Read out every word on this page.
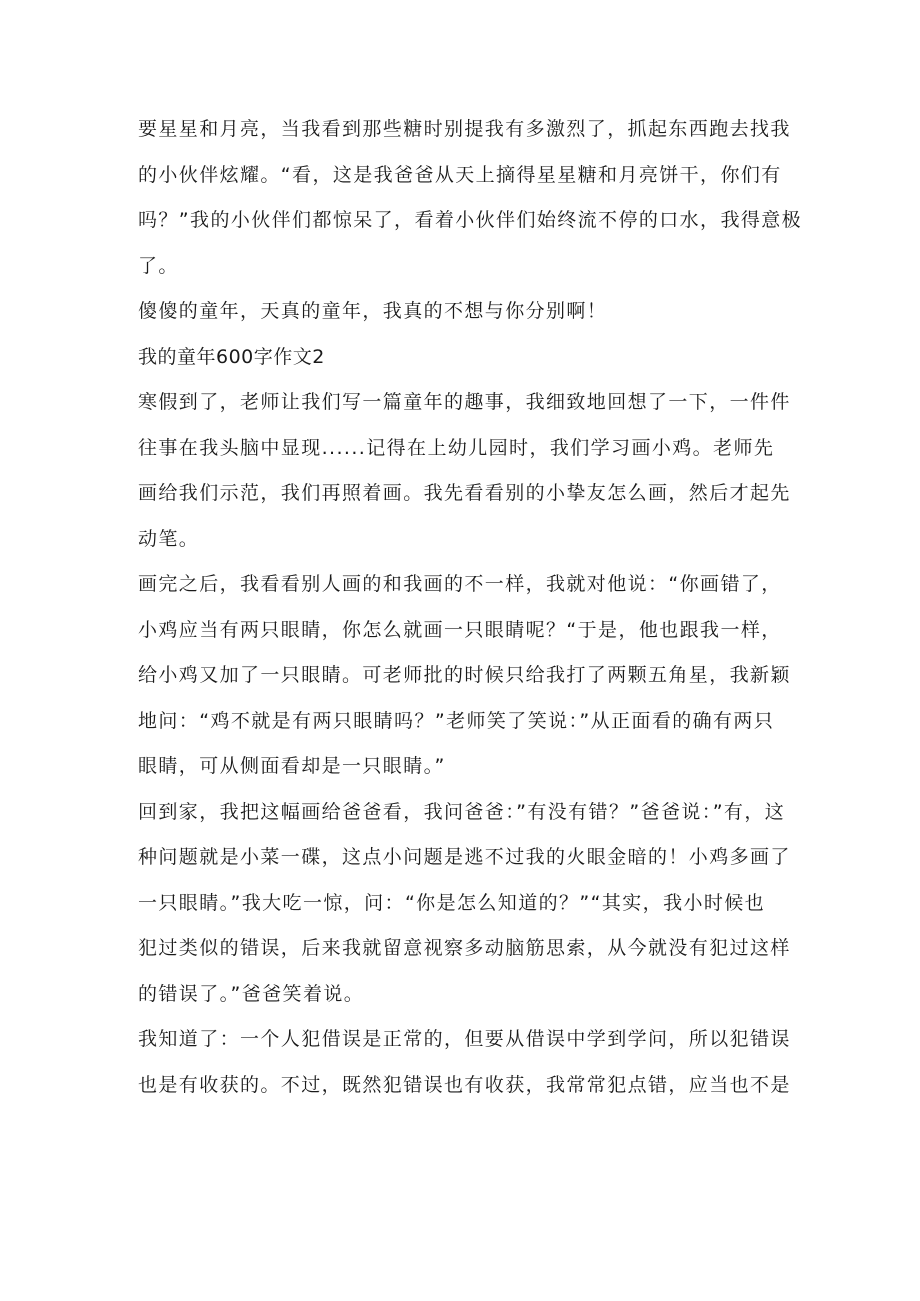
要星星和月亮，当我看到那些糖时别提我有多激烈了，抓起东西跑去找我
的小伙伴炫耀。“看，这是我爸爸从天上摘得星星糖和月亮饼干，你们有
吗？”我的小伙伴们都惊呆了，看着小伙伴们始终流不停的口水，我得意极
了。
傻傻的童年，天真的童年，我真的不想与你分别啊！
我的童年600字作文2
寒假到了，老师让我们写一篇童年的趣事，我细致地回想了一下，一件件
往事在我头脑中显现......记得在上幼儿园时，我们学习画小鸡。老师先
画给我们示范，我们再照着画。我先看看别的小挚友怎么画，然后才起先
动笔。
画完之后，我看看别人画的和我画的不一样，我就对他说：“你画错了，
小鸡应当有两只眼睛，你怎么就画一只眼睛呢？“于是，他也跟我一样，
给小鸡又加了一只眼睛。可老师批的时候只给我打了两颗五角星，我新颖
地问：“鸡不就是有两只眼睛吗？”老师笑了笑说：”从正面看的确有两只
眼睛，可从侧面看却是一只眼睛。”
回到家，我把这幅画给爸爸看，我问爸爸：”有没有错？”爸爸说：”有，这
种问题就是小菜一碟，这点小问题是逃不过我的火眼金暗的！小鸡多画了
一只眼睛。”我大吃一惊，问：“你是怎么知道的？”“其实，我小时候也
犯过类似的错误，后来我就留意视察多动脑筋思索，从今就没有犯过这样
的错误了。”爸爸笑着说。
我知道了：一个人犯借误是正常的，但要从借误中学到学问，所以犯错误
也是有收获的。不过，既然犯错误也有收获，我常常犯点错，应当也不是
